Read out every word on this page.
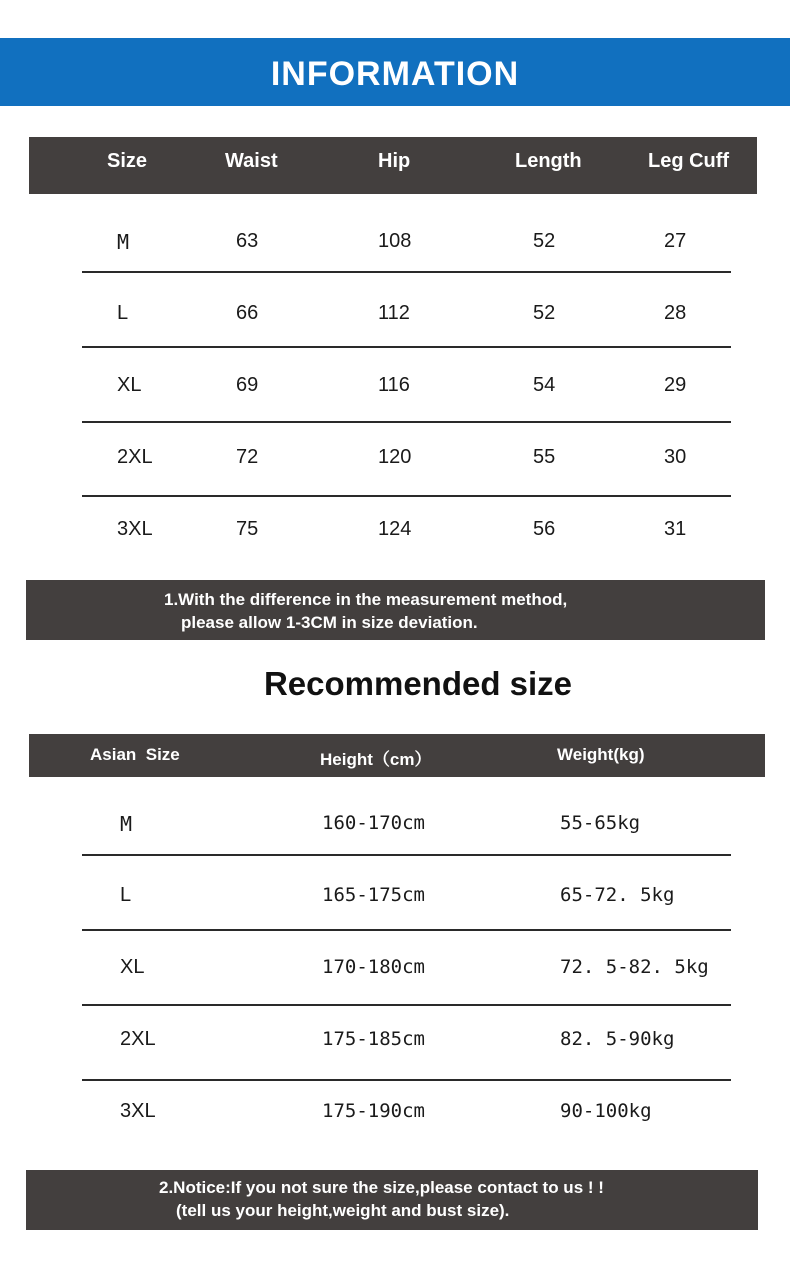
INFORMATION
Size	Waist	Hip	Length	Leg Cuff
M	63	108	52	27
L	66	112	52	28
XL	69	116	54	29
2XL	72	120	55	30
3XL	75	124	56	31
1.With the difference in the measurement method,
please allow 1-3CM in size deviation.
Recommended size
Asian  Size	Height（cm）	Weight(kg)
M	160-170cm	55-65kg
L	165-175cm	65-72. 5kg
XL	170-180cm	72. 5-82. 5kg
2XL	175-185cm	82. 5-90kg
3XL	175-190cm	90-100kg
2.Notice:If you not sure the size,please contact to us ! !
(tell us your height,weight and bust size).
